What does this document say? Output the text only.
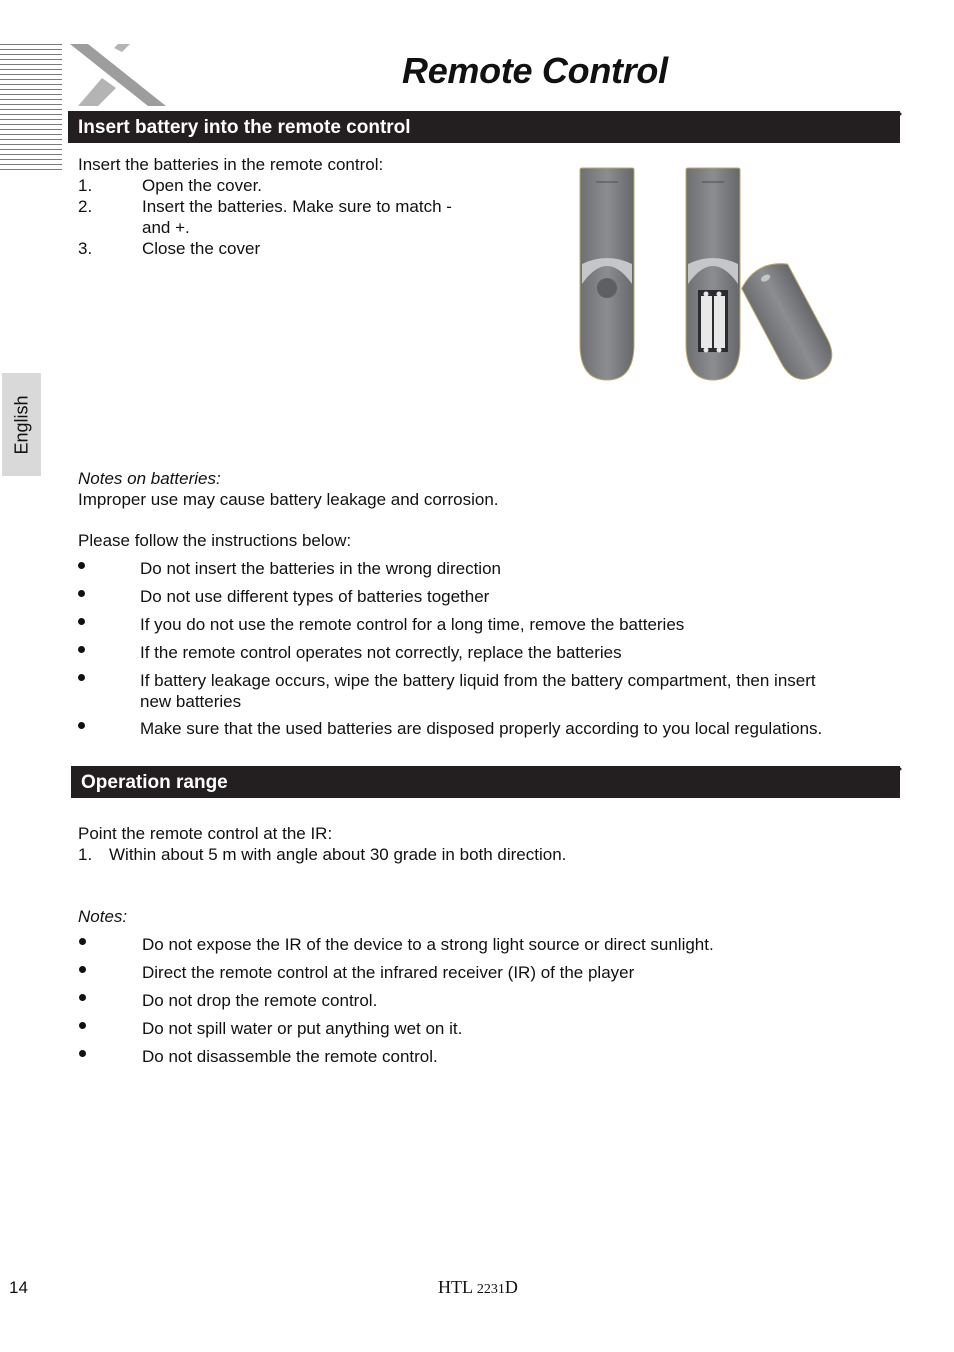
Remote Control
Insert battery into the remote control
English

Insert the batteries in the remote control:

1.	Open the cover.
2.	Insert the batteries. Make sure to match -
and +.
3.	Close the cover

Notes on batteries:

Improper use may cause battery leakage and corrosion.

Please follow the instructions below:

Do not insert the batteries in the wrong direction
Do not use different types of batteries together
If you do not use the remote control for a long time, remove the batteries
If the remote control operates not correctly, replace the batteries
If battery leakage occurs, wipe the battery liquid from the battery compartment, then insert
new batteries
Make sure that the used batteries are disposed properly according to you local regulations.
Operation range

Point the remote control at the IR:

1. Within about 5 m with angle about 30 grade in both direction.

Notes:

Do not expose the IR of the device to a strong light source or direct sunlight.
Direct the remote control at the infrared receiver (IR) of the player
Do not drop the remote control.
Do not spill water or put anything wet on it.
Do not disassemble the remote control.
14	HTL 2231D
